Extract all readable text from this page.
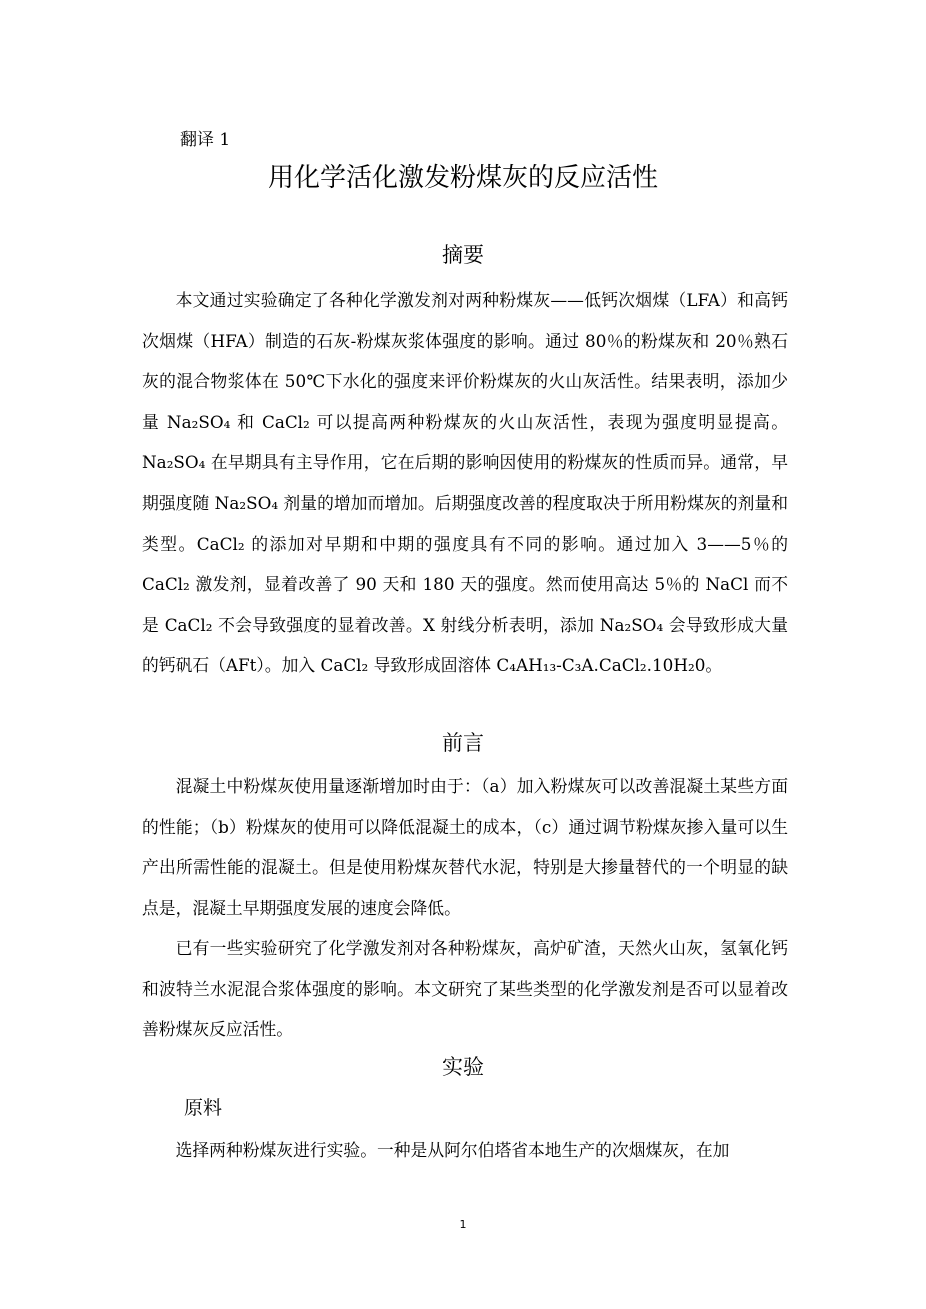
翻译 1
用化学活化激发粉煤灰的反应活性
摘要

本文通过实验确定了各种化学激发剂对两种粉煤灰——低钙次烟煤（LFA）和高钙次烟煤（HFA）制造的石灰-粉煤灰浆体强度的影响。通过 80％的粉煤灰和 20％熟石灰的混合物浆体在 50℃下水化的强度来评价粉煤灰的火山灰活性。结果表明，添加少量 Na₂SO₄ 和 CaCl₂ 可以提高两种粉煤灰的火山灰活性，表现为强度明显提高。Na₂SO₄ 在早期具有主导作用，它在后期的影响因使用的粉煤灰的性质而异。通常，早期强度随 Na₂SO₄ 剂量的增加而增加。后期强度改善的程度取决于所用粉煤灰的剂量和类型。CaCl₂ 的添加对早期和中期的强度具有不同的影响。通过加入 3——5％的 CaCl₂ 激发剂，显着改善了 90 天和 180 天的强度。然而使用高达 5％的 NaCl 而不是 CaCl₂ 不会导致强度的显着改善。X 射线分析表明，添加 Na₂SO₄ 会导致形成大量的钙矾石（AFt）。加入 CaCl₂ 导致形成固溶体 C₄AH₁₃-C₃A.CaCl₂.10H₂0。

前言

混凝土中粉煤灰使用量逐渐增加时由于：（a）加入粉煤灰可以改善混凝土某些方面的性能；（b）粉煤灰的使用可以降低混凝土的成本，（c）通过调节粉煤灰掺入量可以生产出所需性能的混凝土。但是使用粉煤灰替代水泥，特别是大掺量替代的一个明显的缺点是，混凝土早期强度发展的速度会降低。

已有一些实验研究了化学激发剂对各种粉煤灰，高炉矿渣，天然火山灰，氢氧化钙和波特兰水泥混合浆体强度的影响。本文研究了某些类型的化学激发剂是否可以显着改善粉煤灰反应活性。

实验
原料

选择两种粉煤灰进行实验。一种是从阿尔伯塔省本地生产的次烟煤灰，在加

1
